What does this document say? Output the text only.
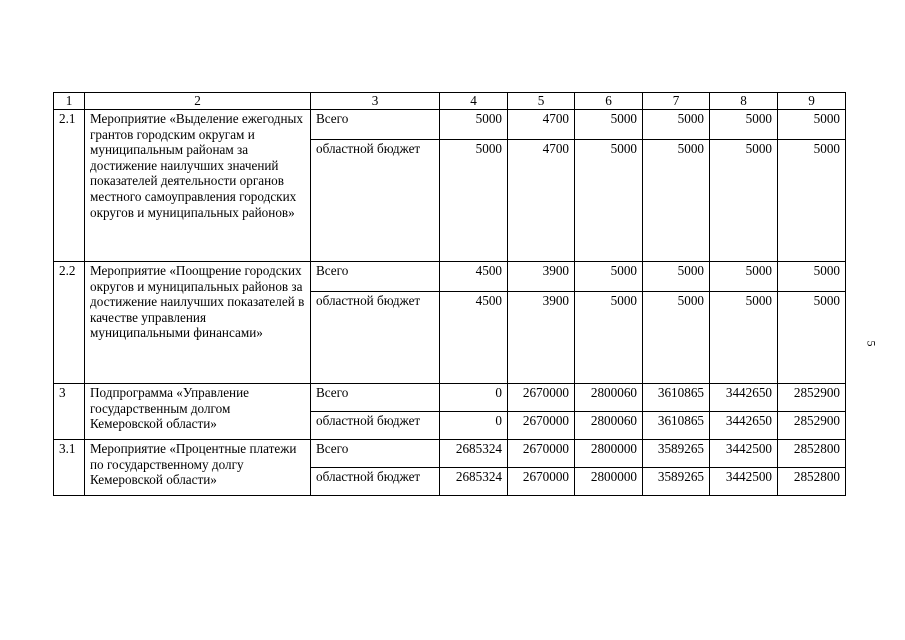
1	2	3	4	5	6	7	8	9
2.1	Мероприятие «Выделение ежегодных грантов городским округам и муниципальным районам за достижение наилучших значений показателей деятельности органов местного самоуправления городских округов и муниципальных районов»	Всего	5000	4700	5000	5000	5000	5000
		областной бюджет	5000	4700	5000	5000	5000	5000
2.2	Мероприятие «Поощрение городских округов и муниципальных районов за достижение наилучших показателей в качестве управления муниципальными финансами»	Всего	4500	3900	5000	5000	5000	5000
		областной бюджет	4500	3900	5000	5000	5000	5000
3	Подпрограмма «Управление государственным долгом Кемеровской области»	Всего	0	2670000	2800060	3610865	3442650	2852900
		областной бюджет	0	2670000	2800060	3610865	3442650	2852900
3.1	Мероприятие «Процентные платежи по государственному долгу Кемеровской области»	Всего	2685324	2670000	2800000	3589265	3442500	2852800
		областной бюджет	2685324	2670000	2800000	3589265	3442500	2852800
5
